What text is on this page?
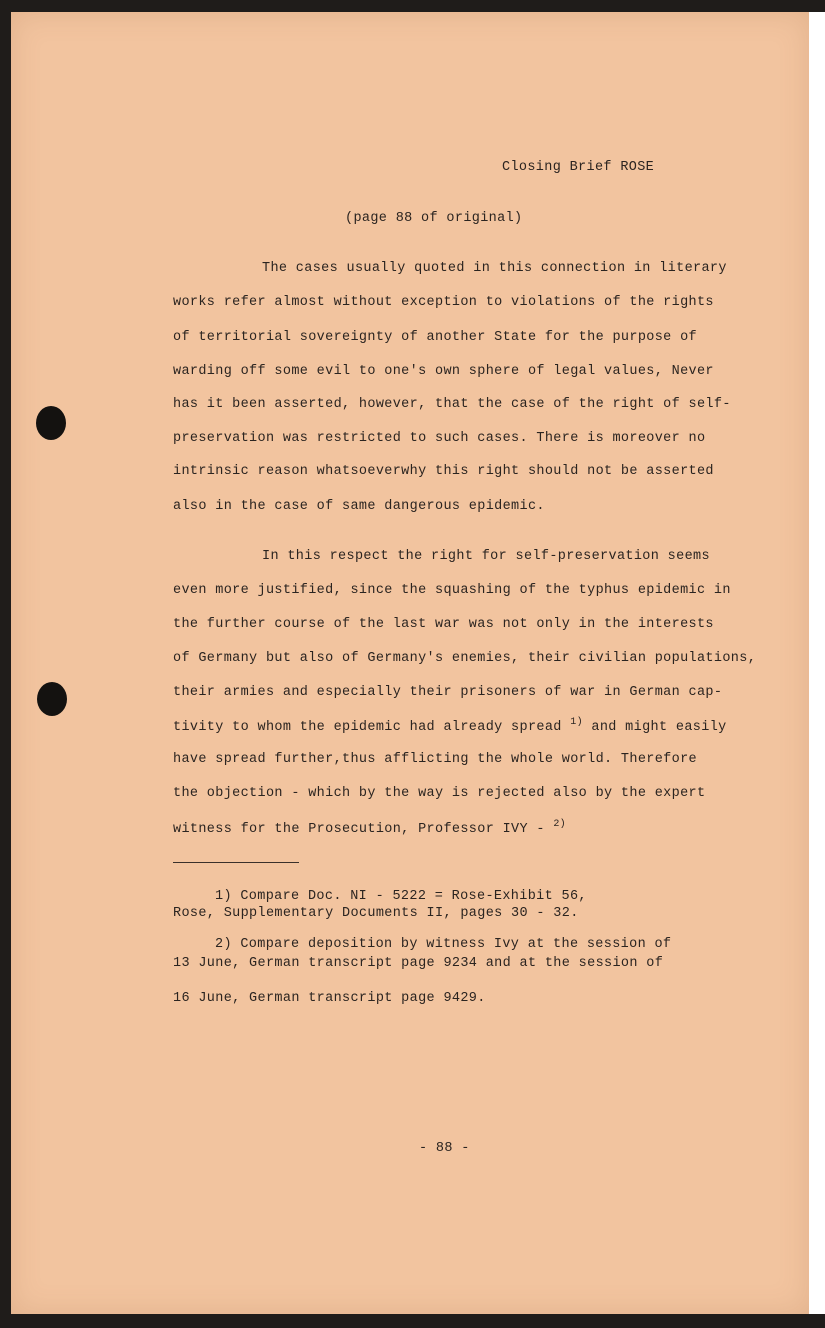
Closing Brief ROSE

(page 88 of original)

The cases usually quoted in this connection in literary

works refer almost without exception to violations of the rights

of territorial sovereignty of another State for the purpose of

warding off some evil to one's own sphere of legal values, Never

has it been asserted, however, that the case of the right of self-

preservation was restricted to such cases. There is moreover no

intrinsic reason whatsoeverwhy this right should not be asserted

also in the case of same dangerous epidemic.

In this respect the right for self-preservation seems

even more justified, since the squashing of the typhus epidemic in

the further course of the last war was not only in the interests

of Germany but also of Germany's enemies, their civilian populations,

their armies and especially their prisoners of war in German cap-

tivity to whom the epidemic had already spread $^{1)}$ and might easily

have spread further,thus afflicting the whole world. Therefore

the objection - which by the way is rejected also by the expert

witness for the Prosecution, Professor IVY - $^{2)}$

1) Compare Doc. NI - 5222 = Rose-Exhibit 56,

Rose, Supplementary Documents II, pages 30 - 32.

2) Compare deposition by witness Ivy at the session of

13 June, German transcript page 9234 and at the session of

16 June, German transcript page 9429.

- 88 -
